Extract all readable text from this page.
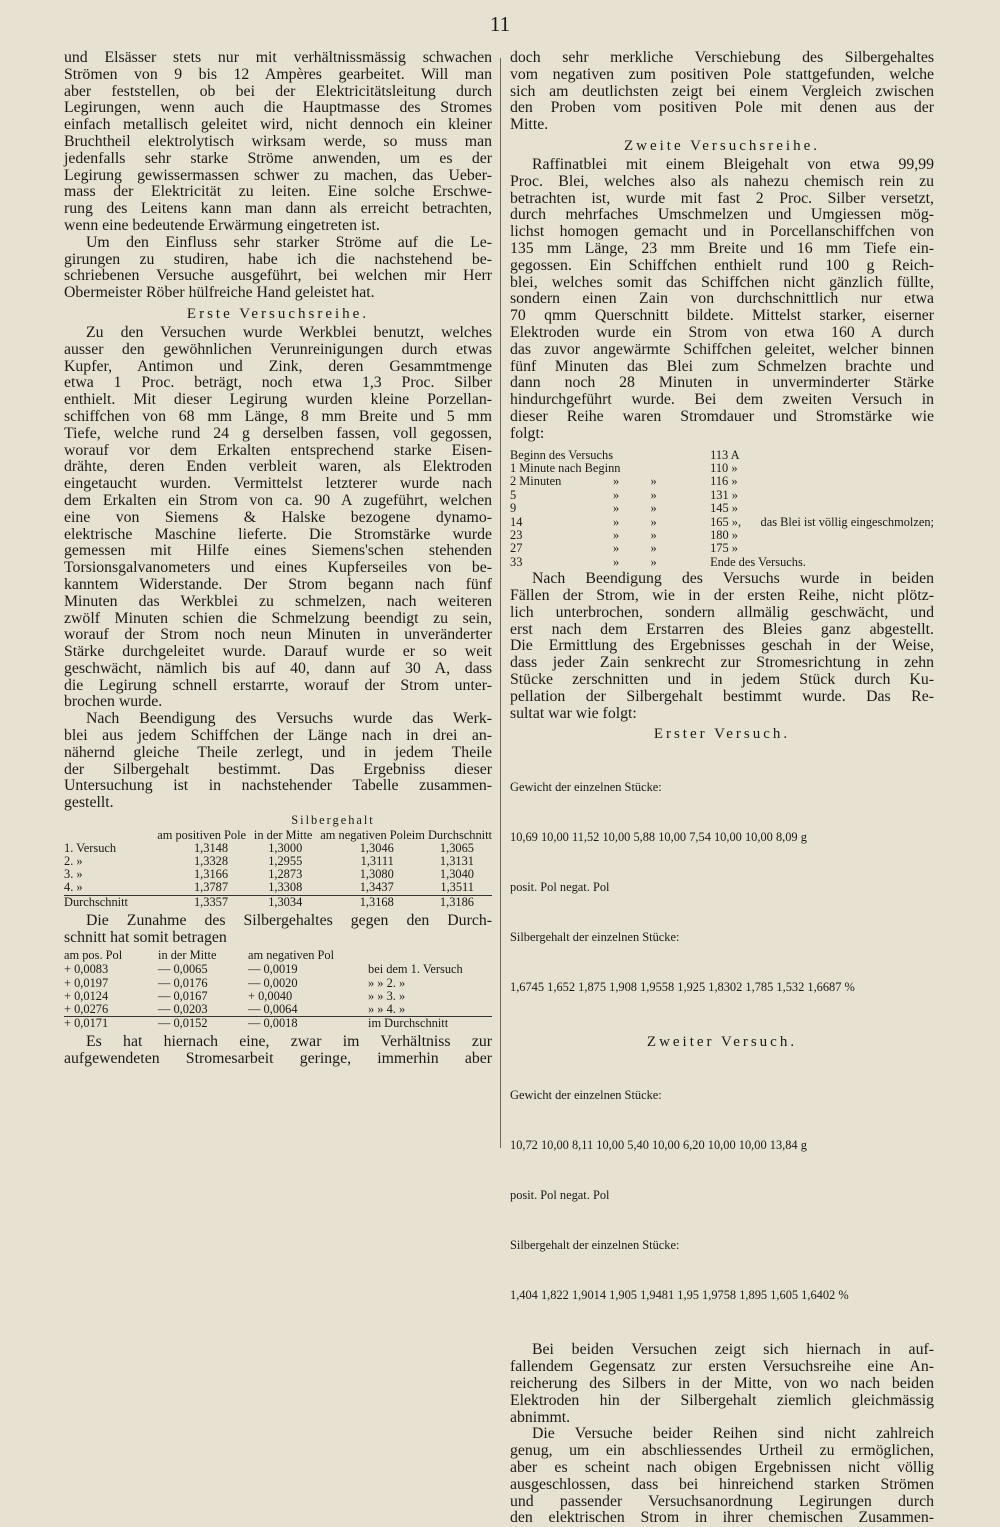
11
und Elsässer stets nur mit verhältnissmässig schwachen
Strömen von 9 bis 12 Ampères gearbeitet. Will man
aber feststellen, ob bei der Elektricitätsleitung durch
Legirungen, wenn auch die Hauptmasse des Stromes
einfach metallisch geleitet wird, nicht dennoch ein kleiner
Bruchtheil elektrolytisch wirksam werde, so muss man
jedenfalls sehr starke Ströme anwenden, um es der
Legirung gewissermassen schwer zu machen, das Ueber-
mass der Elektricität zu leiten. Eine solche Erschwe-
rung des Leitens kann man dann als erreicht betrachten,
wenn eine bedeutende Erwärmung eingetreten ist.
Um den Einfluss sehr starker Ströme auf die Le-
girungen zu studiren, habe ich die nachstehend be-
schriebenen Versuche ausgeführt, bei welchen mir Herr
Obermeister Röber hülfreiche Hand geleistet hat.
Erste Versuchsreihe.
Zu den Versuchen wurde Werkblei benutzt, welches
ausser den gewöhnlichen Verunreinigungen durch etwas
Kupfer, Antimon und Zink, deren Gesammtmenge
etwa 1 Proc. beträgt, noch etwa 1,3 Proc. Silber
enthielt. Mit dieser Legirung wurden kleine Porzellan-
schiffchen von 68 mm Länge, 8 mm Breite und 5 mm
Tiefe, welche rund 24 g derselben fassen, voll gegossen,
worauf vor dem Erkalten entsprechend starke Eisen-
drähte, deren Enden verbleit waren, als Elektroden
eingetaucht wurden. Vermittelst letzterer wurde nach
dem Erkalten ein Strom von ca. 90 A zugeführt, welchen
eine von Siemens & Halske bezogene dynamo-
elektrische Maschine lieferte. Die Stromstärke wurde
gemessen mit Hilfe eines Siemens'schen stehenden
Torsionsgalvanometers und eines Kupferseiles von be-
kanntem Widerstande. Der Strom begann nach fünf
Minuten das Werkblei zu schmelzen, nach weiteren
zwölf Minuten schien die Schmelzung beendigt zu sein,
worauf der Strom noch neun Minuten in unveränderter
Stärke durchgeleitet wurde. Darauf wurde er so weit
geschwächt, nämlich bis auf 40, dann auf 30 A, dass
die Legirung schnell erstarrte, worauf der Strom unter-
brochen wurde.
Nach Beendigung des Versuchs wurde das Werk-
blei aus jedem Schiffchen der Länge nach in drei an-
nähernd gleiche Theile zerlegt, und in jedem Theile
der Silbergehalt bestimmt. Das Ergebniss dieser
Untersuchung ist in nachstehender Tabelle zusammen-
gestellt.
Silbergehalt
	am positiven Pole	in der Mitte	am negativen Pole	im Durchschnitt
1. Versuch	1,3148	1,3000	1,3046	1,3065
2. »	1,3328	1,2955	1,3111	1,3131
3. »	1,3166	1,2873	1,3080	1,3040
4. »	1,3787	1,3308	1,3437	1,3511
Durchschnitt	1,3357	1,3034	1,3168	1,3186
Die Zunahme des Silbergehaltes gegen den Durch-
schnitt hat somit betragen
am pos. Pol	in der Mitte	am negativen Pol	
+ 0,0083	— 0,0065	— 0,0019	bei dem 1. Versuch
+ 0,0197	— 0,0176	— 0,0020	» » 2. »
+ 0,0124	— 0,0167	+ 0,0040	» » 3. »
+ 0,0276	— 0,0203	— 0,0064	» » 4. »
+ 0,0171	— 0,0152	— 0,0018	im Durchschnitt
Es hat hiernach eine, zwar im Verhältniss zur
aufgewendeten Stromesarbeit geringe, immerhin aber
doch sehr merkliche Verschiebung des Silbergehaltes
vom negativen zum positiven Pole stattgefunden, welche
sich am deutlichsten zeigt bei einem Vergleich zwischen
den Proben vom positiven Pole mit denen aus der
Mitte.
Zweite Versuchsreihe.
Raffinatblei mit einem Bleigehalt von etwa 99,99
Proc. Blei, welches also als nahezu chemisch rein zu
betrachten ist, wurde mit fast 2 Proc. Silber versetzt,
durch mehrfaches Umschmelzen und Umgiessen mög-
lichst homogen gemacht und in Porcellanschiffchen von
135 mm Länge, 23 mm Breite und 16 mm Tiefe ein-
gegossen. Ein Schiffchen enthielt rund 100 g Reich-
blei, welches somit das Schiffchen nicht gänzlich füllte,
sondern einen Zain von durchschnittlich nur etwa
70 qmm Querschnitt bildete. Mittelst starker, eiserner
Elektroden wurde ein Strom von etwa 160 A durch
das zuvor angewärmte Schiffchen geleitet, welcher binnen
fünf Minuten das Blei zum Schmelzen brachte und
dann noch 28 Minuten in unverminderter Stärke
hindurchgeführt wurde. Bei dem zweiten Versuch in
dieser Reihe waren Stromdauer und Stromstärke wie
folgt:
Beginn des Versuchs			113 A	
1 Minute nach Beginn			110 »	
2 Minuten	»	»	116 »	
5	»	»	131 »	
9	»	»	145 »	
14	»	»	165 »,	das Blei ist völlig eingeschmolzen;
23	»	»	180 »	
27	»	»	175 »	
33	»	»	Ende des Versuchs.	
Nach Beendigung des Versuchs wurde in beiden
Fällen der Strom, wie in der ersten Reihe, nicht plötz-
lich unterbrochen, sondern allmälig geschwächt, und
erst nach dem Erstarren des Bleies ganz abgestellt.
Die Ermittlung des Ergebnisses geschah in der Weise,
dass jeder Zain senkrecht zur Stromesrichtung in zehn
Stücke zerschnitten und in jedem Stück durch Ku-
pellation der Silbergehalt bestimmt wurde. Das Re-
sultat war wie folgt:
Erster Versuch.

Gewicht der einzelnen Stücke:

10,69 10,00 11,52 10,00 5,88 10,00 7,54 10,00 10,00 8,09 g

posit. Pol negat. Pol

Silbergehalt der einzelnen Stücke:

1,6745 1,652 1,875 1,908 1,9558 1,925 1,8302 1,785 1,532 1,6687 %

Zweiter Versuch.

Gewicht der einzelnen Stücke:

10,72 10,00 8,11 10,00 5,40 10,00 6,20 10,00 10,00 13,84 g

posit. Pol negat. Pol

Silbergehalt der einzelnen Stücke:

1,404 1,822 1,9014 1,905 1,9481 1,95 1,9758 1,895 1,605 1,6402 %

Bei beiden Versuchen zeigt sich hiernach in auf-
fallendem Gegensatz zur ersten Versuchsreihe eine An-
reicherung des Silbers in der Mitte, von wo nach beiden
Elektroden hin der Silbergehalt ziemlich gleichmässig
abnimmt.
Die Versuche beider Reihen sind nicht zahlreich
genug, um ein abschliessendes Urtheil zu ermöglichen,
aber es scheint nach obigen Ergebnissen nicht völlig
ausgeschlossen, dass bei hinreichend starken Strömen
und passender Versuchsanordnung Legirungen durch
den elektrischen Strom in ihrer chemischen Zusammen-
